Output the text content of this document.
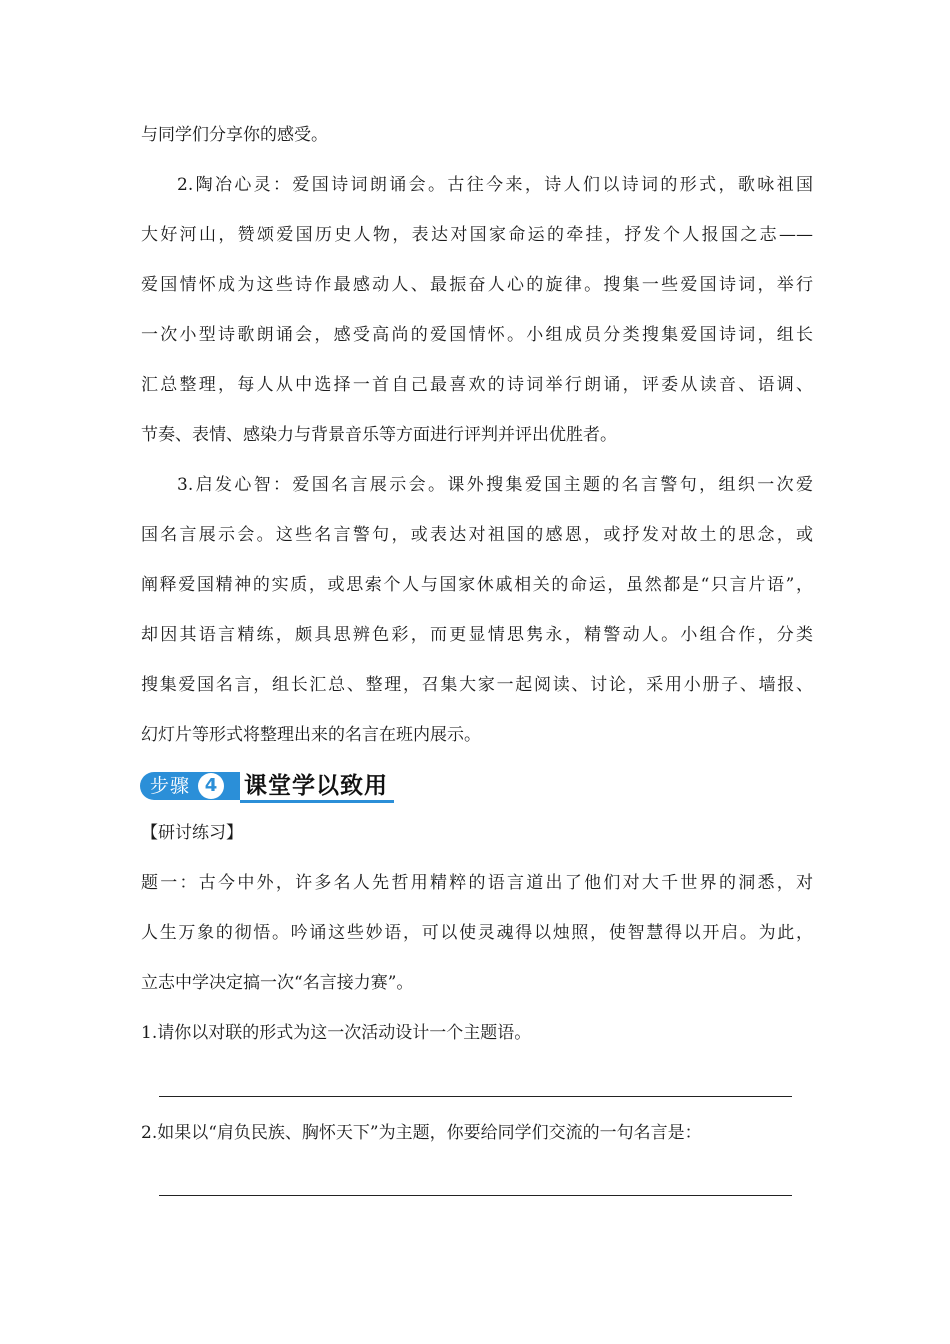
与同学们分享你的感受。
2.陶冶心灵：爱国诗词朗诵会。古往今来，诗人们以诗词的形式，歌咏祖国
大好河山，赞颂爱国历史人物，表达对国家命运的牵挂，抒发个人报国之志——
爱国情怀成为这些诗作最感动人、最振奋人心的旋律。搜集一些爱国诗词，举行
一次小型诗歌朗诵会，感受高尚的爱国情怀。小组成员分类搜集爱国诗词，组长
汇总整理，每人从中选择一首自己最喜欢的诗词举行朗诵，评委从读音、语调、
节奏、表情、感染力与背景音乐等方面进行评判并评出优胜者。
3.启发心智：爱国名言展示会。课外搜集爱国主题的名言警句，组织一次爱
国名言展示会。这些名言警句，或表达对祖国的感恩，或抒发对故土的思念，或
阐释爱国精神的实质，或思索个人与国家休戚相关的命运，虽然都是“只言片语”，
却因其语言精练，颇具思辨色彩，而更显情思隽永，精警动人。小组合作，分类
搜集爱国名言，组长汇总、整理，召集大家一起阅读、讨论，采用小册子、墙报、
幻灯片等形式将整理出来的名言在班内展示。
步骤 4 课堂学以致用
【研讨练习】
题一：古今中外，许多名人先哲用精粹的语言道出了他们对大千世界的洞悉，对
人生万象的彻悟。吟诵这些妙语，可以使灵魂得以烛照，使智慧得以开启。为此，
立志中学决定搞一次“名言接力赛”。
1.请你以对联的形式为这一次活动设计一个主题语。
2.如果以“肩负民族、胸怀天下”为主题，你要给同学们交流的一句名言是：
